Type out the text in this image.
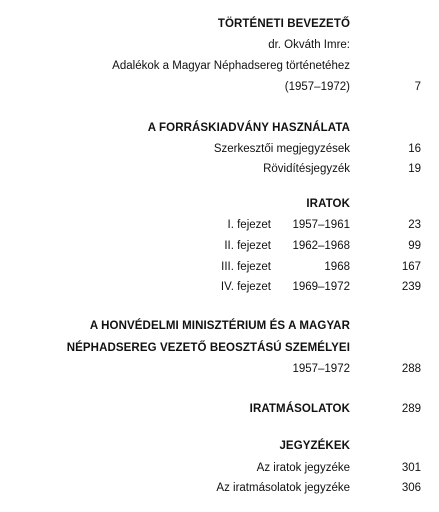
TÖRTÉNETI BEVEZETŐ
dr. Okváth Imre:
Adalékok a Magyar Néphadsereg történetéhez
(1957–1972)	7
A FORRÁSKIADVÁNY HASZNÁLATA
Szerkesztői megjegyzések	16
Rövidítésjegyzék	19
IRATOK
I. fejezet 1957–1961	23
II. fejezet 1962–1968	99
III. fejezet	1968	167
IV. fejezet 1969–1972	239
A HONVÉDELMI MINISZTÉRIUM ÉS A MAGYAR
NÉPHADSEREG VEZETŐ BEOSZTÁSÚ SZEMÉLYEI
1957–1972	288
IRATMÁSOLATOK	289
JEGYZÉKEK
Az iratok jegyzéke	301
Az iratmásolatok jegyzéke	306
